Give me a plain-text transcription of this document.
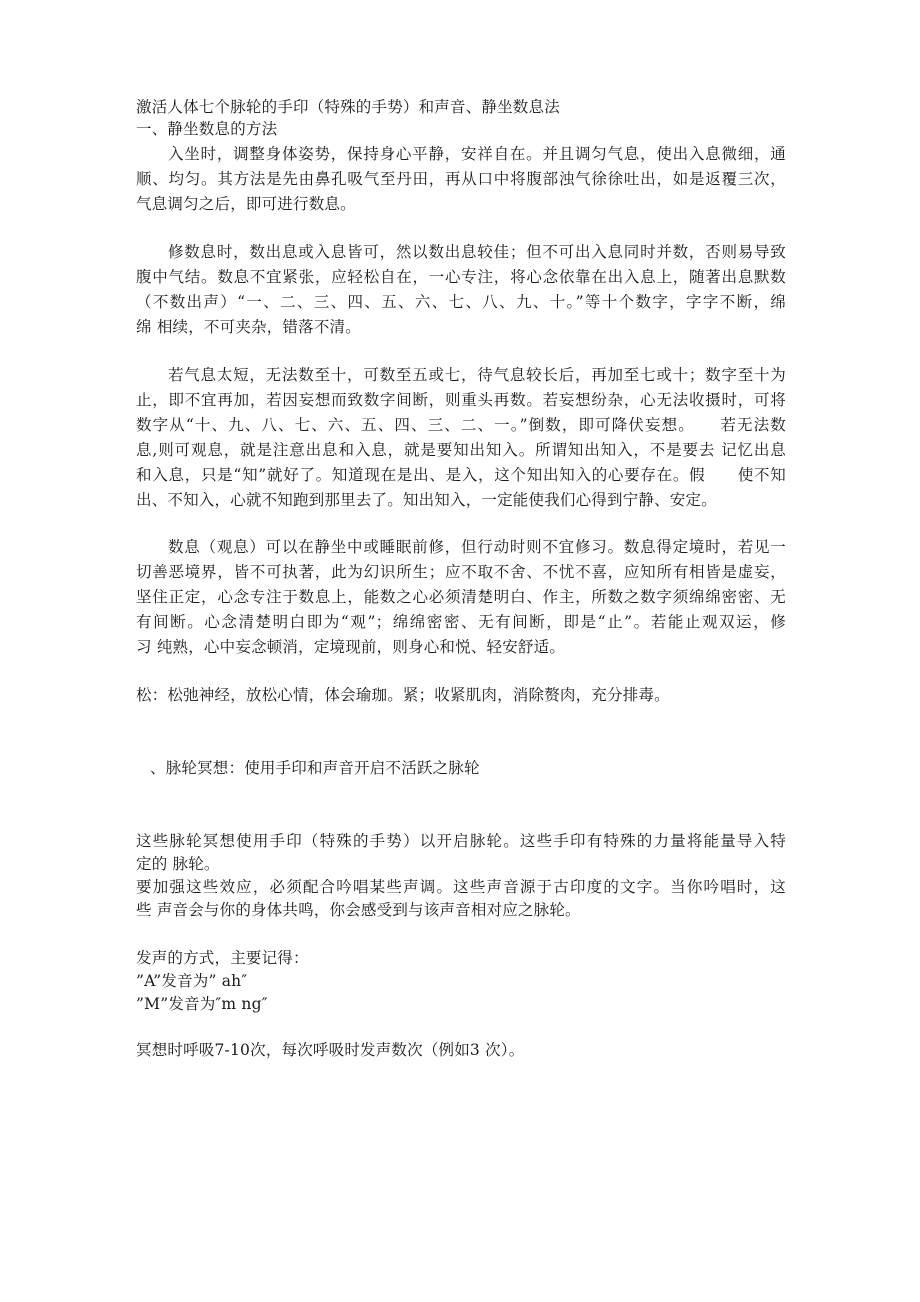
激活人体七个脉轮的手印（特殊的手势）和声音、静坐数息法
一、静坐数息的方法
入坐时，调整身体姿势，保持身心平静，安祥自在。并且调匀气息，使出入息微细，通
顺、均匀。其方法是先由鼻孔吸气至丹田，再从口中将腹部浊气徐徐吐出，如是返覆三次，
气息调匀之后，即可进行数息。
修数息时，数出息或入息皆可，然以数出息较佳；但不可出入息同时并数，否则易导致
腹中气结。数息不宜紧张，应轻松自在，一心专注，将心念依靠在出入息上，随著出息默数
（不数出声）“一、二、三、四、五、六、七、八、九、十。”等十个数字，字字不断，绵
绵 相续，不可夹杂，错落不清。
若气息太短，无法数至十，可数至五或七，待气息较长后，再加至七或十；数字至十为
止，即不宜再加，若因妄想而致数字间断，则重头再数。若妄想纷杂，心无法收摄时，可将
数字从“十、九、八、七、六、五、四、三、二、一。”倒数，即可降伏妄想。　　若无法数
息,则可观息，就是注意出息和入息，就是要知出知入。所谓知出知入，不是要去 记忆出息
和入息，只是“知”就好了。知道现在是出、是入，这个知出知入的心要存在。假　　使不知
出、不知入，心就不知跑到那里去了。知出知入，一定能使我们心得到宁静、安定。
数息（观息）可以在静坐中或睡眠前修，但行动时则不宜修习。数息得定境时，若见一
切善恶境界，皆不可执著，此为幻识所生；应不取不舍、不忧不喜，应知所有相皆是虚妄，
坚住正定，心念专注于数息上，能数之心必须清楚明白、作主，所数之数字须绵绵密密、无
有间断。心念清楚明白即为“观”；绵绵密密、无有间断，即是“止”。若能止观双运，修
习 纯熟，心中妄念顿消，定境现前，则身心和悦、轻安舒适。
松：松弛神经，放松心情，体会瑜珈。紧；收紧肌肉，消除赘肉，充分排毒。
、脉轮冥想：使用手印和声音开启不活跃之脉轮
这些脉轮冥想使用手印（特殊的手势）以开启脉轮。这些手印有特殊的力量将能量导入特
定的 脉轮。
要加强这些效应，必须配合吟唱某些声调。这些声音源于古印度的文字。当你吟唱时，这
些 声音会与你的身体共鸣，你会感受到与该声音相对应之脉轮。
发声的方式，主要记得：
”A”发音为” ah″
”M”发音为″m ng″
冥想时呼吸7-10次，每次呼吸时发声数次（例如3 次）。
